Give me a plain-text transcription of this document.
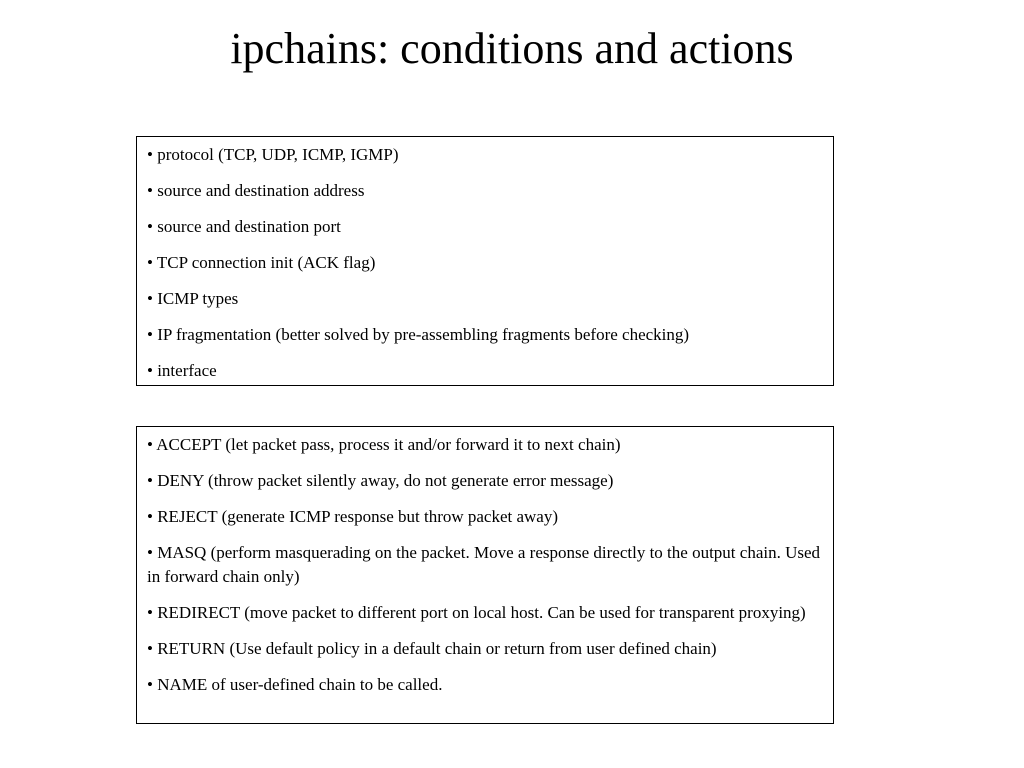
ipchains: conditions and actions

• protocol (TCP, UDP, ICMP, IGMP)

• source and destination address

• source and destination port

• TCP connection init (ACK flag)

• ICMP types

• IP fragmentation (better solved by pre-assembling fragments before checking)

• interface

• ACCEPT (let packet pass, process it and/or forward it to next chain)

• DENY (throw packet silently away, do not generate error message)

• REJECT (generate ICMP response but throw packet away)

• MASQ (perform masquerading on the packet. Move a response directly to the output chain. Used in forward chain only)

• REDIRECT (move packet to different port on local host. Can be used for transparent proxying)

• RETURN (Use default policy in a default chain or return from user defined chain)

• NAME of user-defined chain to be called.
